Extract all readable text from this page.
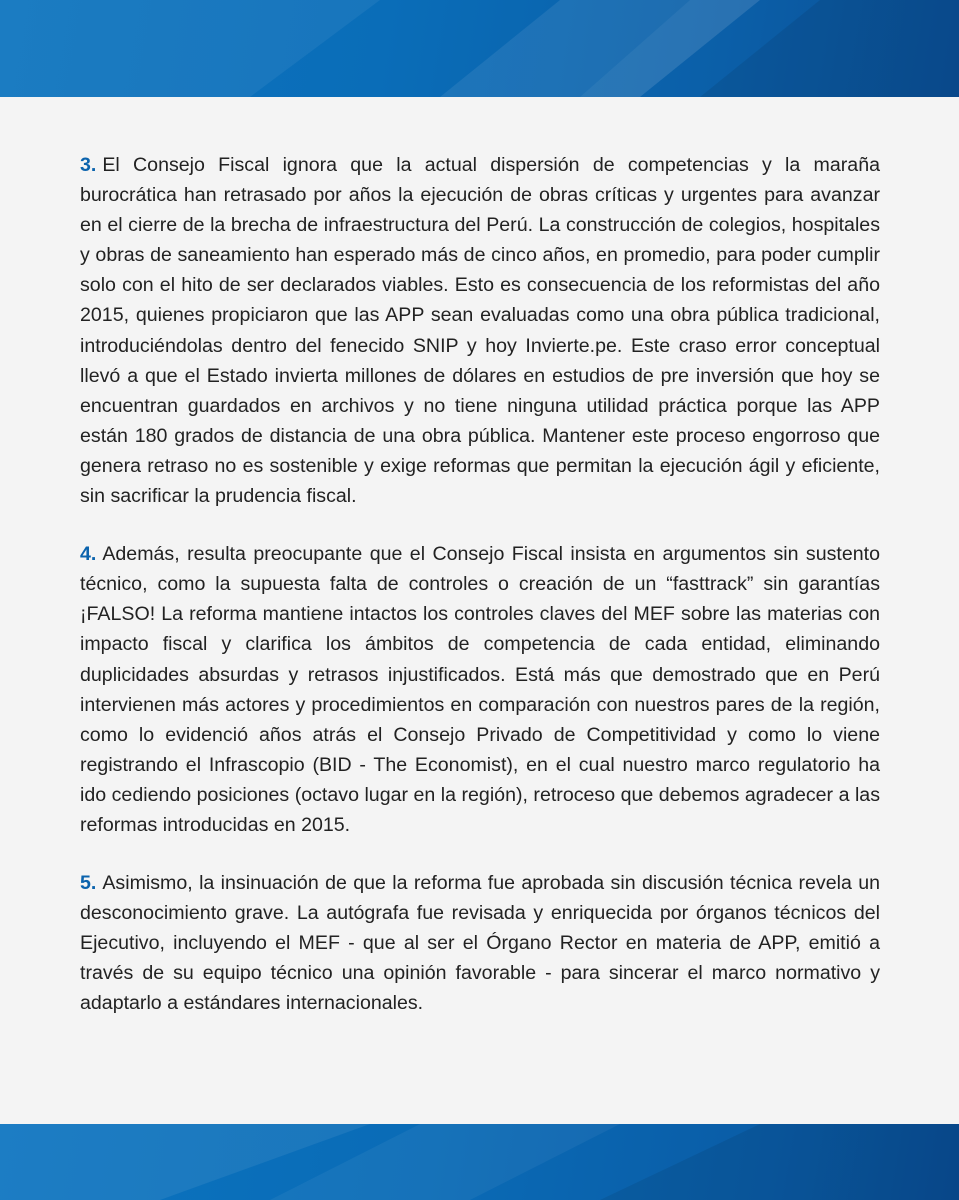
3. El Consejo Fiscal ignora que la actual dispersión de competencias y la maraña burocrática han retrasado por años la ejecución de obras críticas y urgentes para avanzar en el cierre de la brecha de infraestructura del Perú. La construcción de colegios, hospitales y obras de saneamiento han esperado más de cinco años, en promedio, para poder cumplir solo con el hito de ser declarados viables. Esto es consecuencia de los reformistas del año 2015, quienes propiciaron que las APP sean evaluadas como una obra pública tradicional, introduciéndolas dentro del fenecido SNIP y hoy Invierte.pe. Este craso error conceptual llevó a que el Estado invierta millones de dólares en estudios de pre inversión que hoy se encuentran guardados en archivos y no tiene ninguna utilidad práctica porque las APP están 180 grados de distancia de una obra pública. Mantener este proceso engorroso que genera retraso no es sostenible y exige reformas que permitan la ejecución ágil y eficiente, sin sacrificar la prudencia fiscal.

4. Además, resulta preocupante que el Consejo Fiscal insista en argumentos sin sustento técnico, como la supuesta falta de controles o creación de un “fasttrack” sin garantías ¡FALSO! La reforma mantiene intactos los controles claves del MEF sobre las materias con impacto fiscal y clarifica los ámbitos de competencia de cada entidad, eliminando duplicidades absurdas y retrasos injustificados. Está más que demostrado que en Perú intervienen más actores y procedimientos en comparación con nuestros pares de la región, como lo evidenció años atrás el Consejo Privado de Competitividad y como lo viene registrando el Infrascopio (BID - The Economist), en el cual nuestro marco regulatorio ha ido cediendo posiciones (octavo lugar en la región), retroceso que debemos agradecer a las reformas introducidas en 2015.

5. Asimismo, la insinuación de que la reforma fue aprobada sin discusión técnica revela un desconocimiento grave. La autógrafa fue revisada y enriquecida por órganos técnicos del Ejecutivo, incluyendo el MEF - que al ser el Órgano Rector en materia de APP, emitió a través de su equipo técnico una opinión favorable - para sincerar el marco normativo y adaptarlo a estándares internacionales.
